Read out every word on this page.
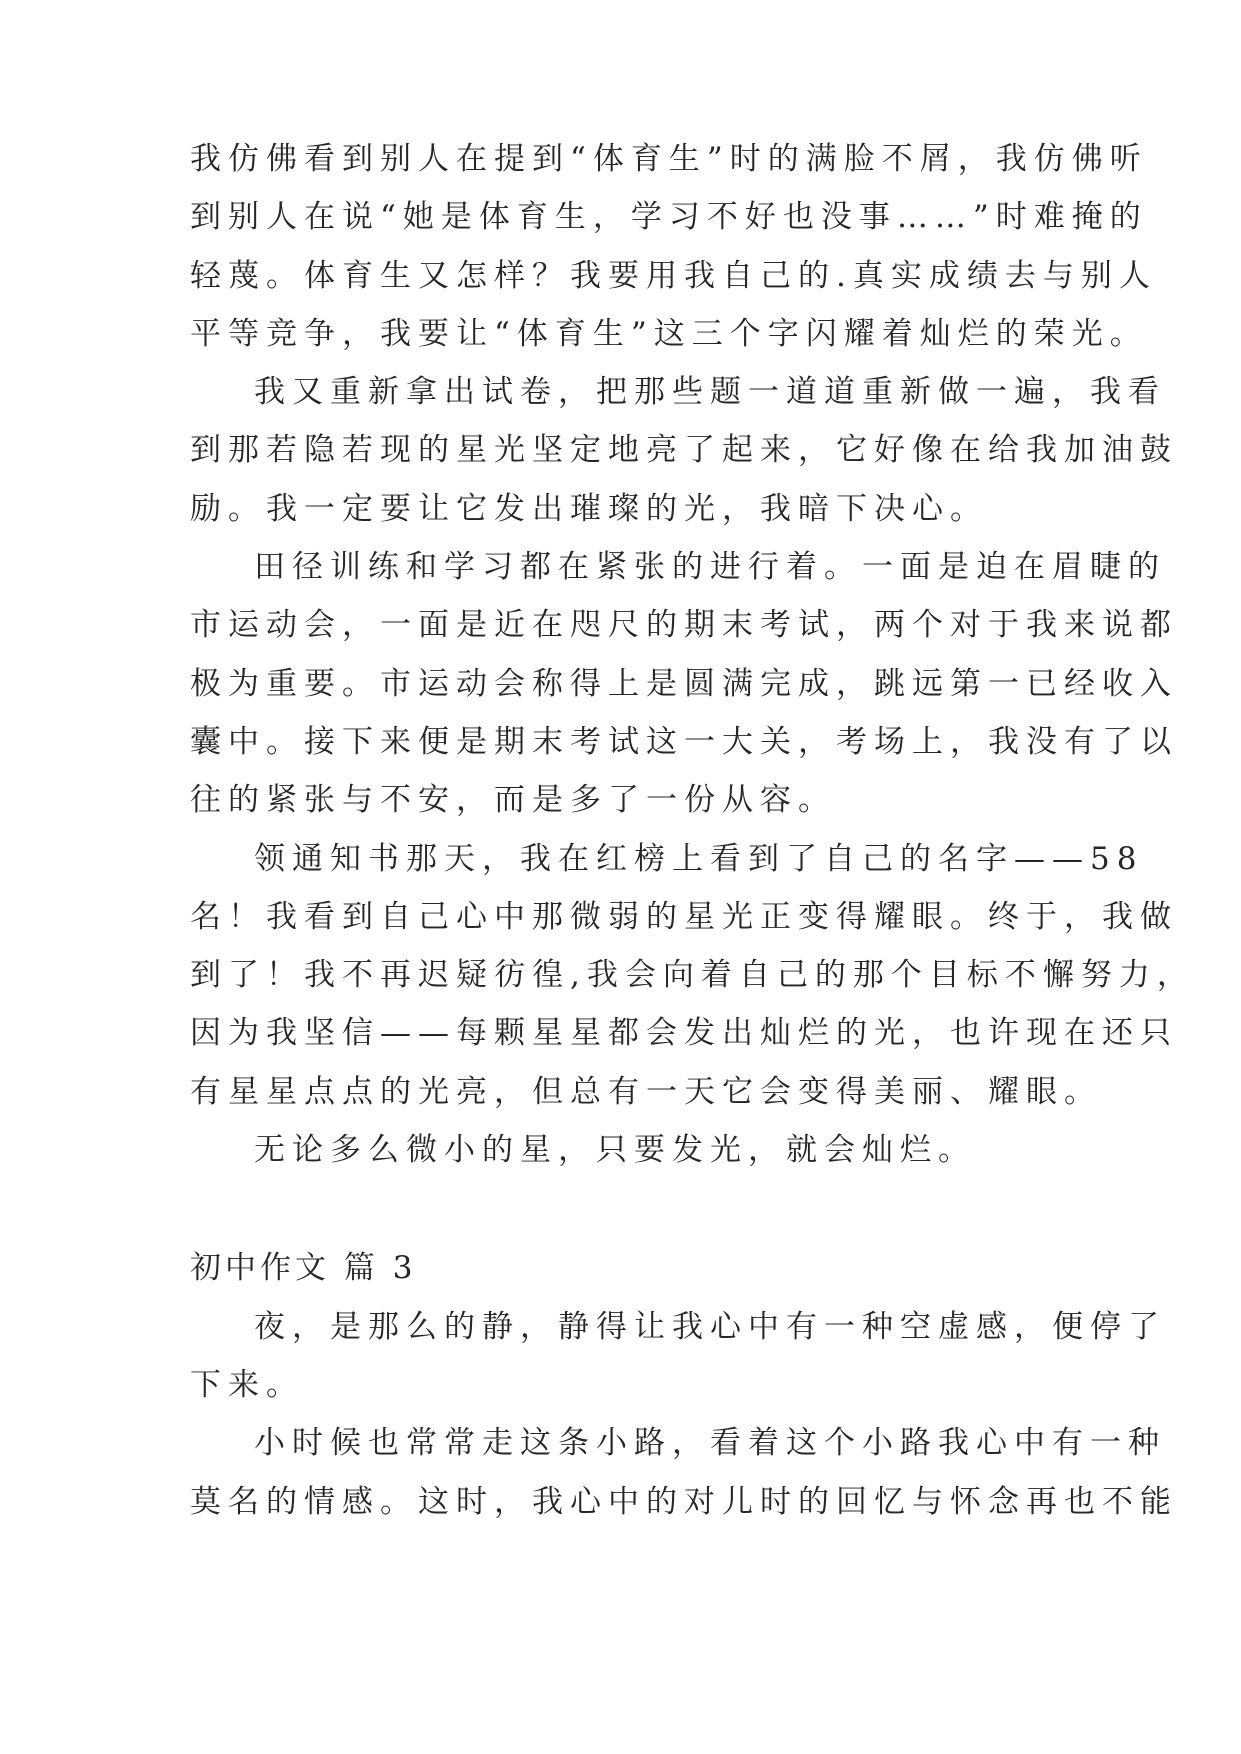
我仿佛看到别人在提到“体育生”时的满脸不屑，我仿佛听
到别人在说“她是体育生，学习不好也没事……”时难掩的
轻蔑。体育生又怎样？我要用我自己的.真实成绩去与别人
平等竞争，我要让“体育生”这三个字闪耀着灿烂的荣光。
我又重新拿出试卷，把那些题一道道重新做一遍，我看
到那若隐若现的星光坚定地亮了起来，它好像在给我加油鼓
励。我一定要让它发出璀璨的光，我暗下决心。
田径训练和学习都在紧张的进行着。一面是迫在眉睫的
市运动会，一面是近在咫尺的期末考试，两个对于我来说都
极为重要。市运动会称得上是圆满完成，跳远第一已经收入
囊中。接下来便是期末考试这一大关，考场上，我没有了以
往的紧张与不安，而是多了一份从容。
领通知书那天，我在红榜上看到了自己的名字——58
名！我看到自己心中那微弱的星光正变得耀眼。终于，我做
到了！我不再迟疑彷徨,我会向着自己的那个目标不懈努力，
因为我坚信——每颗星星都会发出灿烂的光，也许现在还只
有星星点点的光亮，但总有一天它会变得美丽、耀眼。
无论多么微小的星，只要发光，就会灿烂。
初中作文 篇 3
夜，是那么的静，静得让我心中有一种空虚感，便停了
下来。
小时候也常常走这条小路，看着这个小路我心中有一种
莫名的情感。这时，我心中的对儿时的回忆与怀念再也不能
